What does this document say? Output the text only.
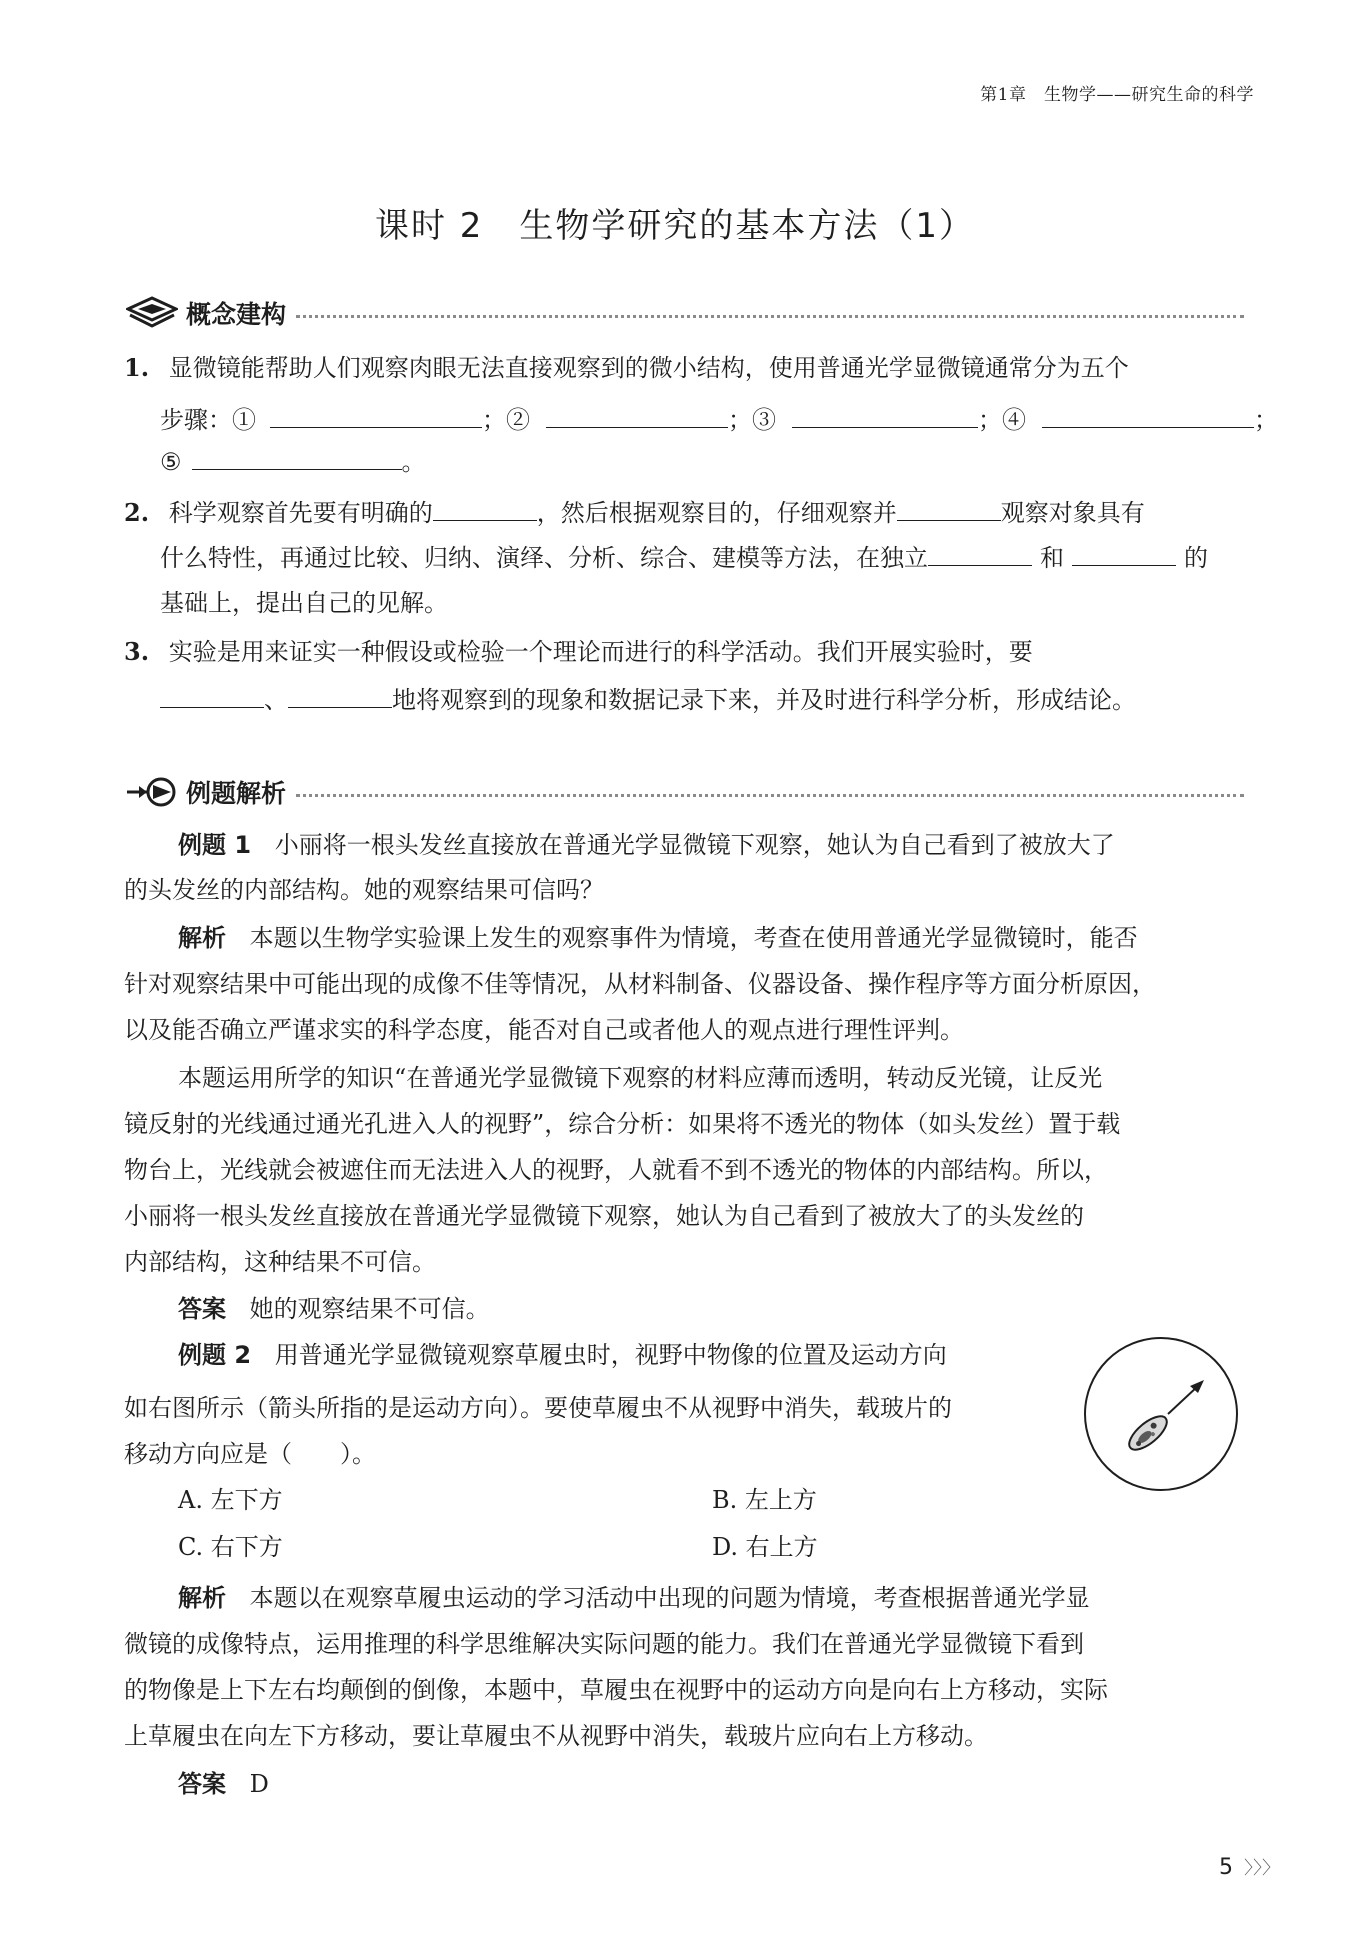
第1章　生物学——研究生命的科学
课时 2　生物学研究的基本方法（1）
概念建构
1. 显微镜能帮助人们观察肉眼无法直接观察到的微小结构，使用普通光学显微镜通常分为五个
步骤：①	；②	；③	；④	；
⑤	。
2. 科学观察首先要有明确的	，然后根据观察目的，仔细观察并	观察对象具有
什么特性，再通过比较、归纳、演绎、分析、综合、建模等方法，在独立	和	的
基础上，提出自己的见解。
3. 实验是用来证实一种假设或检验一个理论而进行的科学活动。我们开展实验时，要
、	地将观察到的现象和数据记录下来，并及时进行科学分析，形成结论。
例题解析
例题 1 小丽将一根头发丝直接放在普通光学显微镜下观察，她认为自己看到了被放大了
的头发丝的内部结构。她的观察结果可信吗？
解析 本题以生物学实验课上发生的观察事件为情境，考查在使用普通光学显微镜时，能否
针对观察结果中可能出现的成像不佳等情况，从材料制备、仪器设备、操作程序等方面分析原因，
以及能否确立严谨求实的科学态度，能否对自己或者他人的观点进行理性评判。
本题运用所学的知识“在普通光学显微镜下观察的材料应薄而透明，转动反光镜，让反光
镜反射的光线通过通光孔进入人的视野”，综合分析：如果将不透光的物体（如头发丝）置于载
物台上，光线就会被遮住而无法进入人的视野，人就看不到不透光的物体的内部结构。所以，
小丽将一根头发丝直接放在普通光学显微镜下观察，她认为自己看到了被放大了的头发丝的
内部结构，这种结果不可信。
答案 她的观察结果不可信。
例题 2 用普通光学显微镜观察草履虫时，视野中物像的位置及运动方向
如右图所示（箭头所指的是运动方向）。要使草履虫不从视野中消失，载玻片的
移动方向应是（　　）。
A. 左下方	B. 左上方
C. 右下方	D. 右上方
解析 本题以在观察草履虫运动的学习活动中出现的问题为情境，考查根据普通光学显
微镜的成像特点，运用推理的科学思维解决实际问题的能力。我们在普通光学显微镜下看到
的物像是上下左右均颠倒的倒像，本题中，草履虫在视野中的运动方向是向右上方移动，实际
上草履虫在向左下方移动，要让草履虫不从视野中消失，载玻片应向右上方移动。
答案 D
5 〉〉〉
